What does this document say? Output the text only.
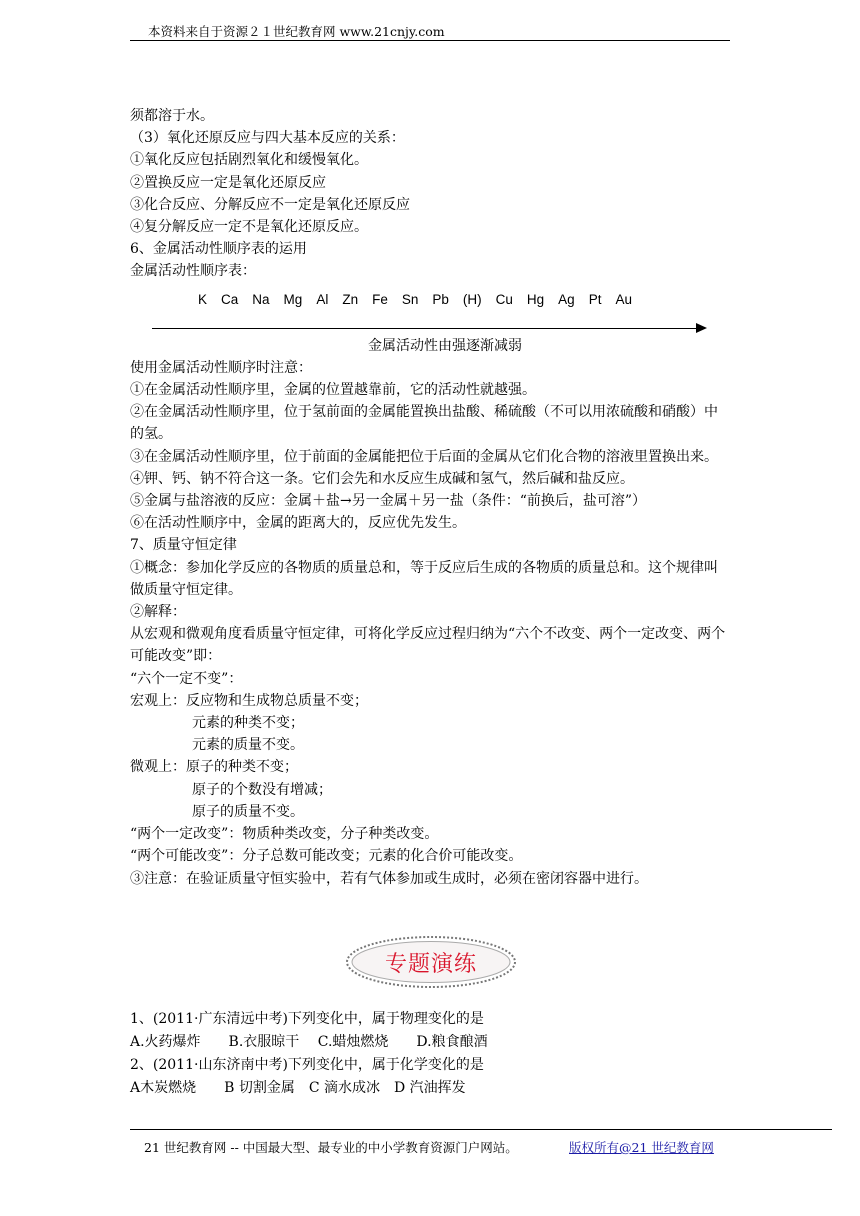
本资料来自于资源２１世纪教育网 www.21cnjy.com
须都溶于水。
（3）氧化还原反应与四大基本反应的关系：
①氧化反应包括剧烈氧化和缓慢氧化。
②置换反应一定是氧化还原反应
③化合反应、分解反应不一定是氧化还原反应
④复分解反应一定不是氧化还原反应。
6、金属活动性顺序表的运用
金属活动性顺序表：
K Ca Na Mg Al Zn Fe Sn Pb (H) Cu Hg Ag Pt Au
金属活动性由强逐渐减弱
使用金属活动性顺序时注意：
①在金属活动性顺序里，金属的位置越靠前，它的活动性就越强。
②在金属活动性顺序里，位于氢前面的金属能置换出盐酸、稀硫酸（不可以用浓硫酸和硝酸）中的氢。
③在金属活动性顺序里，位于前面的金属能把位于后面的金属从它们化合物的溶液里置换出来。
④钾、钙、钠不符合这一条。它们会先和水反应生成碱和氢气，然后碱和盐反应。
⑤金属与盐溶液的反应：金属＋盐→另一金属＋另一盐（条件：“前换后，盐可溶”）
⑥在活动性顺序中，金属的距离大的，反应优先发生。
7、质量守恒定律
①概念：参加化学反应的各物质的质量总和，等于反应后生成的各物质的质量总和。这个规律叫做质量守恒定律。
②解释：
从宏观和微观角度看质量守恒定律，可将化学反应过程归纳为“六个不改变、两个一定改变、两个可能改变”即：
“六个一定不变”：
宏观上：反应物和生成物总质量不变；
元素的种类不变；
元素的质量不变。
微观上：原子的种类不变；
原子的个数没有增减；
原子的质量不变。
“两个一定改变”：物质种类改变，分子种类改变。
“两个可能改变”：分子总数可能改变；元素的化合价可能改变。
③注意：在验证质量守恒实验中，若有气体参加或生成时，必须在密闭容器中进行。
专题演练
1、(2011·广东清远中考)下列变化中，属于物理变化的是
A.火药爆炸　　B.衣服晾干　 C.蜡烛燃烧　　D.粮食酿酒
2、(2011·山东济南中考)下列变化中，属于化学变化的是
A木炭燃烧　　B 切割金属　C 滴水成冰　D 汽油挥发
21 世纪教育网 -- 中国最大型、最专业的中小学教育资源门户网站。	版权所有@21 世纪教育网
